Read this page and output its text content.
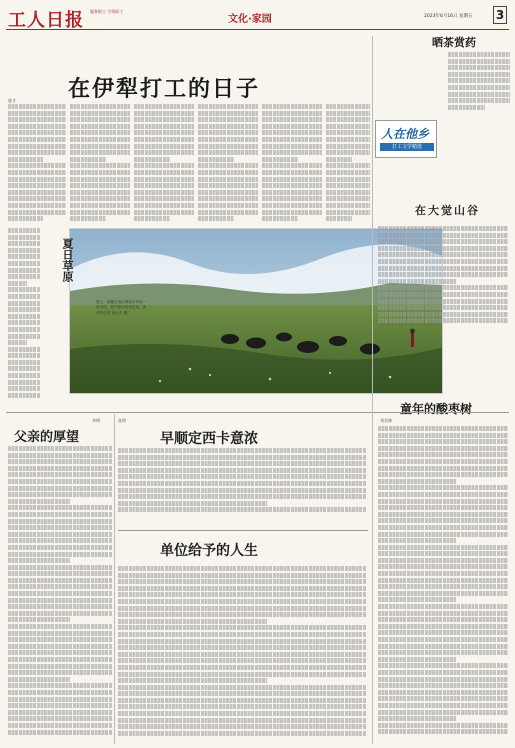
工人日报 服务职工 引领职工
文化·家园	2023年6月16日 星期五 3
在伊犁打工的日子
晒茶赏药
人在他乡
打工文学精选
庞才
夏日草原
夏日，西藏自治区那曲市草原一望无垠，牦牛群在悠闲觅食。新华社记者 詹小平 摄
在大觉山谷
父亲的厚望
李明
早顺定西卡意浓
张明
单位给予的人生
童年的酸枣树
刘君林
